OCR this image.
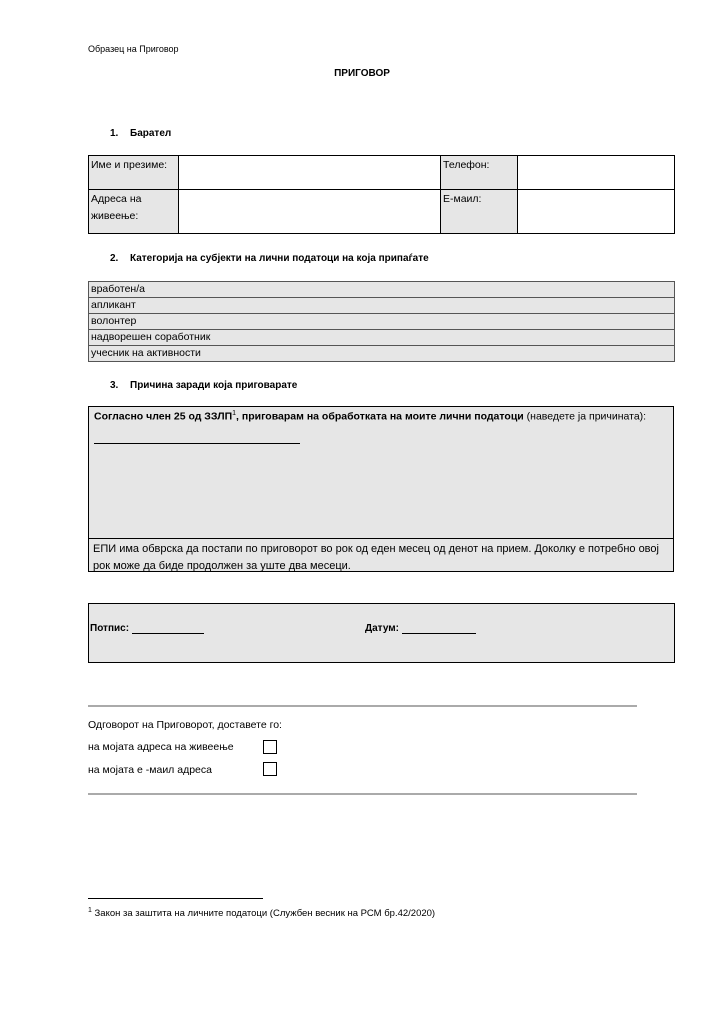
Образец на Приговор
ПРИГОВОР
1. Барател
Име и презиме:		Телефон:	
Адреса на
живеење:		Е-маил:	
2. Категорија на субјекти на лични податоци на која припаѓате
вработен/а
апликант
волонтер
надворешен соработник
учесник на активности
3. Причина заради која приговарате
Согласно член 25 од ЗЗЛП$^1$, приговарам на обработката на моите лични податоци (наведете ја причината):
ЕПИ има обврска да постапи по приговорот во рок од еден месец од денот на прием. Доколку е потребно овој рок може да биде продолжен за уште два месеци.
Потпис:	Датум:
Одговорот на Приговорот, доставете го:
на мојата адреса на живеење
на мојата е -маил адреса
$^1$ Закон за заштита на личните податоци (Службен весник на РСМ бр.42/2020)
